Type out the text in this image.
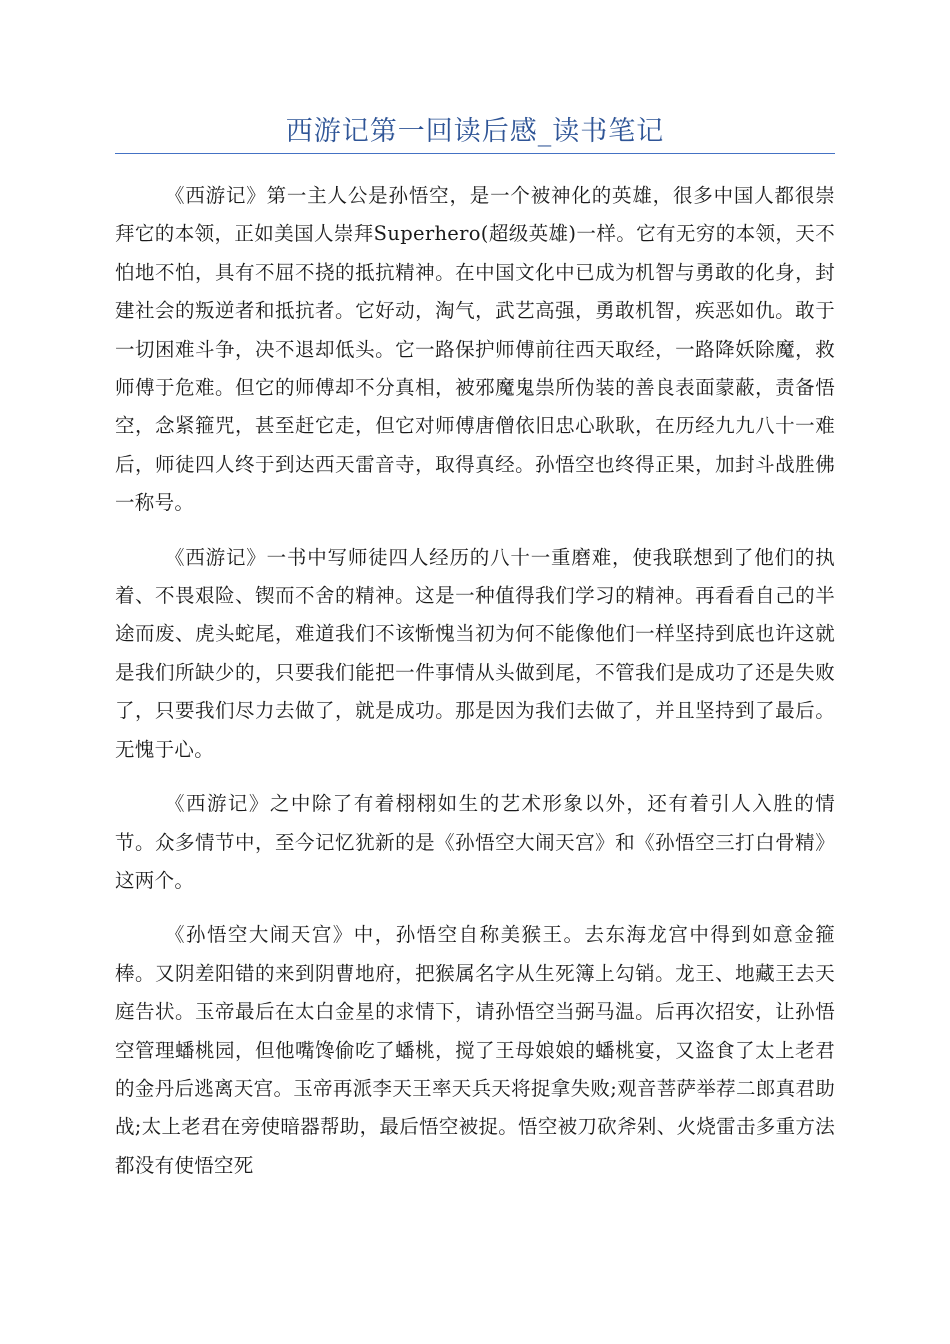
西游记第一回读后感_读书笔记

《西游记》第一主人公是孙悟空，是一个被神化的英雄，很多中国人都很崇拜它的本领，正如美国人崇拜Superhero(超级英雄)一样。它有无穷的本领，天不怕地不怕，具有不屈不挠的抵抗精神。在中国文化中已成为机智与勇敢的化身，封建社会的叛逆者和抵抗者。它好动，淘气，武艺高强，勇敢机智，疾恶如仇。敢于一切困难斗争，决不退却低头。它一路保护师傅前往西天取经，一路降妖除魔，救师傅于危难。但它的师傅却不分真相，被邪魔鬼祟所伪装的善良表面蒙蔽，责备悟空，念紧箍咒，甚至赶它走，但它对师傅唐僧依旧忠心耿耿，在历经九九八十一难后，师徒四人终于到达西天雷音寺，取得真经。孙悟空也终得正果，加封斗战胜佛一称号。

《西游记》一书中写师徒四人经历的八十一重磨难，使我联想到了他们的执着、不畏艰险、锲而不舍的精神。这是一种值得我们学习的精神。再看看自己的半途而废、虎头蛇尾，难道我们不该惭愧当初为何不能像他们一样坚持到底也许这就是我们所缺少的，只要我们能把一件事情从头做到尾，不管我们是成功了还是失败了，只要我们尽力去做了，就是成功。那是因为我们去做了，并且坚持到了最后。无愧于心。

《西游记》之中除了有着栩栩如生的艺术形象以外，还有着引人入胜的情节。众多情节中，至今记忆犹新的是《孙悟空大闹天宫》和《孙悟空三打白骨精》这两个。

《孙悟空大闹天宫》中，孙悟空自称美猴王。去东海龙宫中得到如意金箍棒。又阴差阳错的来到阴曹地府，把猴属名字从生死簿上勾销。龙王、地藏王去天庭告状。玉帝最后在太白金星的求情下，请孙悟空当弼马温。后再次招安，让孙悟空管理蟠桃园，但他嘴馋偷吃了蟠桃，搅了王母娘娘的蟠桃宴，又盗食了太上老君的金丹后逃离天宫。玉帝再派李天王率天兵天将捉拿失败;观音菩萨举荐二郎真君助战;太上老君在旁使暗器帮助，最后悟空被捉。悟空被刀砍斧剁、火烧雷击多重方法都没有使悟空死
